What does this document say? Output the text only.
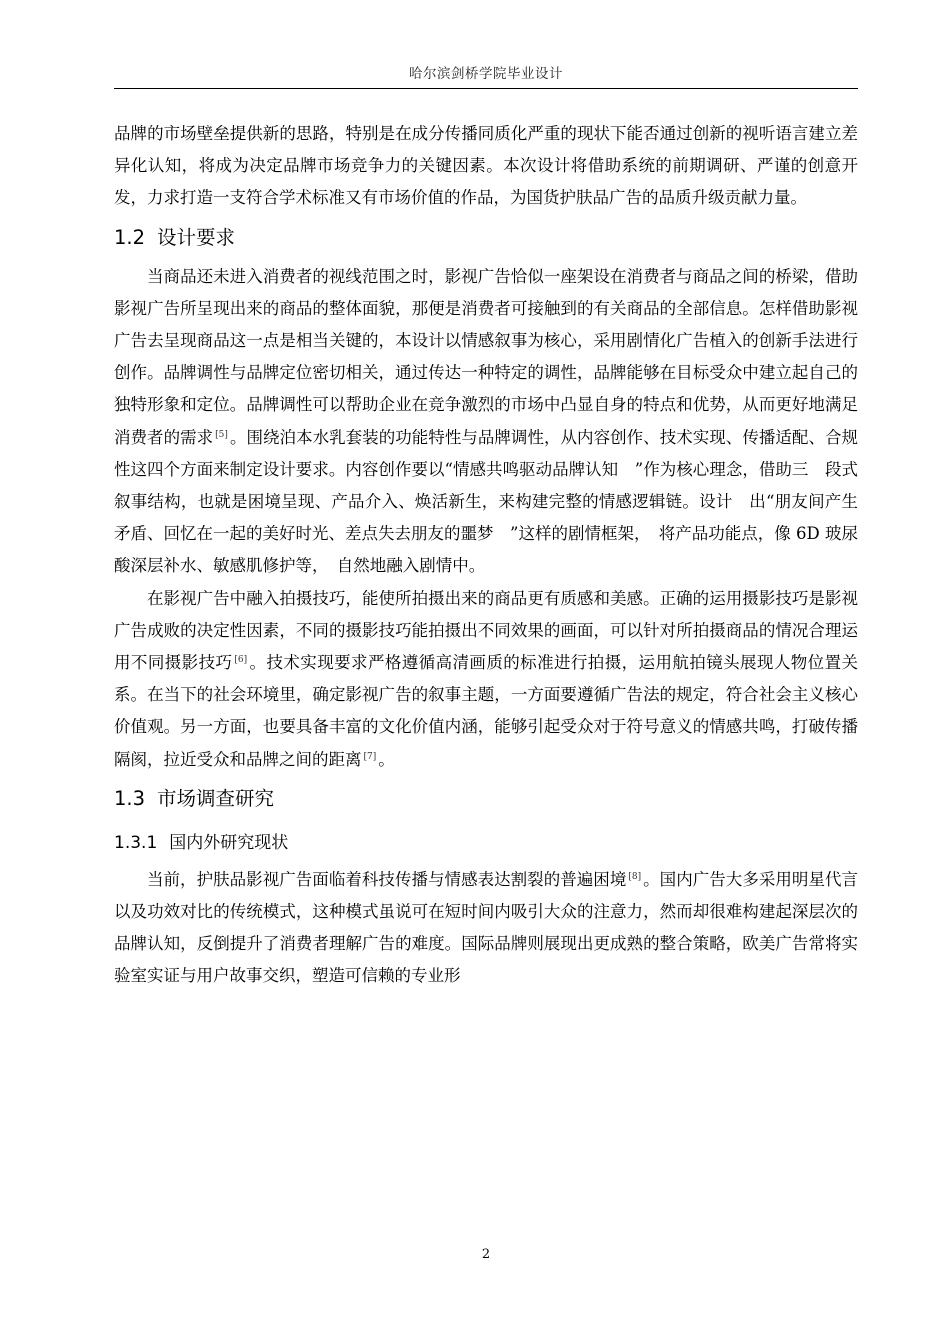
哈尔滨剑桥学院毕业设计

品牌的市场壁垒提供新的思路，特别是在成分传播同质化严重的现状下能否通过创新的视听语言建立差异化认知，将成为决定品牌市场竞争力的关键因素。本次设计将借助系统的前期调研、严谨的创意开发，力求打造一支符合学术标准又有市场价值的作品，为国货护肤品广告的品质升级贡献力量。

1.2 设计要求

当商品还未进入消费者的视线范围之时，影视广告恰似一座架设在消费者与商品之间的桥梁，借助影视广告所呈现出来的商品的整体面貌，那便是消费者可接触到的有关商品的全部信息。怎样借助影视广告去呈现商品这一点是相当关键的，本设计以情感叙事为核心，采用剧情化广告植入的创新手法进行创作。品牌调性与品牌定位密切相关，通过传达一种特定的调性，品牌能够在目标受众中建立起自己的独特形象和定位。品牌调性可以帮助企业在竞争激烈的市场中凸显自身的特点和优势，从而更好地满足消费者的需求 [5] 。围绕泊本水乳套装的功能特性与品牌调性，从内容创作、技术实现、传播适配、合规性这四个方面来制定设计要求。内容创作要以“情感共鸣驱动品牌认知　”作为核心理念，借助三　段式叙事结构，也就是困境呈现、产品介入、焕活新生，来构建完整的情感逻辑链。设计　出“朋友间产生矛盾、回忆在一起的美好时光、差点失去朋友的噩梦　”这样的剧情框架，　将产品功能点，像 6D 玻尿酸深层补水、敏感肌修护等，　自然地融入剧情中。

在影视广告中融入拍摄技巧，能使所拍摄出来的商品更有质感和美感。正确的运用摄影技巧是影视广告成败的决定性因素，不同的摄影技巧能拍摄出不同效果的画面，可以针对所拍摄商品的情况合理运用不同摄影技巧 [6] 。技术实现要求严格遵循高清画质的标准进行拍摄，运用航拍镜头展现人物位置关系。在当下的社会环境里，确定影视广告的叙事主题，一方面要遵循广告法的规定，符合社会主义核心价值观。另一方面，也要具备丰富的文化价值内涵，能够引起受众对于符号意义的情感共鸣，打破传播隔阂，拉近受众和品牌之间的距离 [7] 。

1.3 市场调查研究
1.3.1 国内外研究现状

当前，护肤品影视广告面临着科技传播与情感表达割裂的普遍困境 [8] 。国内广告大多采用明星代言以及功效对比的传统模式，这种模式虽说可在短时间内吸引大众的注意力，然而却很难构建起深层次的品牌认知，反倒提升了消费者理解广告的难度。国际品牌则展现出更成熟的整合策略，欧美广告常将实验室实证与用户故事交织，塑造可信赖的专业形

2
